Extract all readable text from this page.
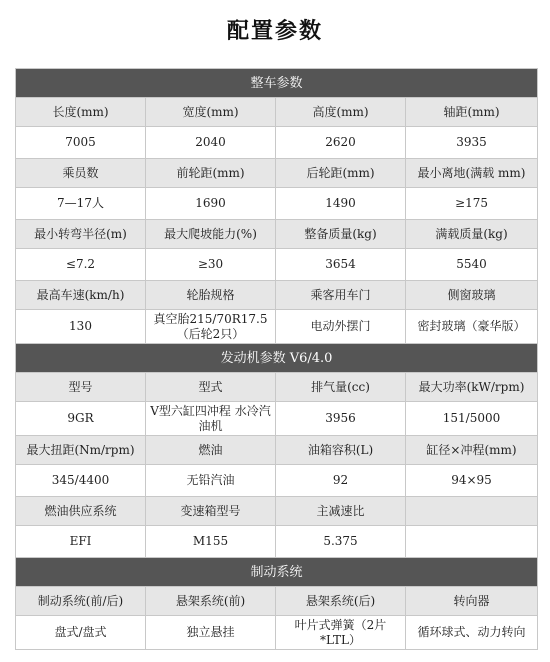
配置参数
整车参数			
长度(mm)	宽度(mm)	高度(mm)	轴距(mm)
7005	2040	2620	3935
乘员数	前轮距(mm)	后轮距(mm)	最小离地(满载 mm)
7—17人	1690	1490	≥175
最小转弯半径(m)	最大爬坡能力(%)	整备质量(kg)	满载质量(kg)
≤7.2	≥30	3654	5540
最高车速(km/h)	轮胎规格	乘客用车门	侧窗玻璃
130	真空胎215/70R17.5（后轮2只）	电动外摆门	密封玻璃（豪华版）
发动机参数 V6/4.0			
型号	型式	排气量(cc)	最大功率(kW/rpm)
9GR	V型六缸四冲程 水冷汽油机	3956	151/5000
最大扭距(Nm/rpm)	燃油	油箱容积(L)	缸径×冲程(mm)
345/4400	无铅汽油	92	94×95
燃油供应系统	变速箱型号	主减速比	
EFI	M155	5.375	
制动系统			
制动系统(前/后)	悬架系统(前)	悬架系统(后)	转向器
盘式/盘式	独立悬挂	叶片式弹簧（2片*LTL）	循环球式、动力转向
